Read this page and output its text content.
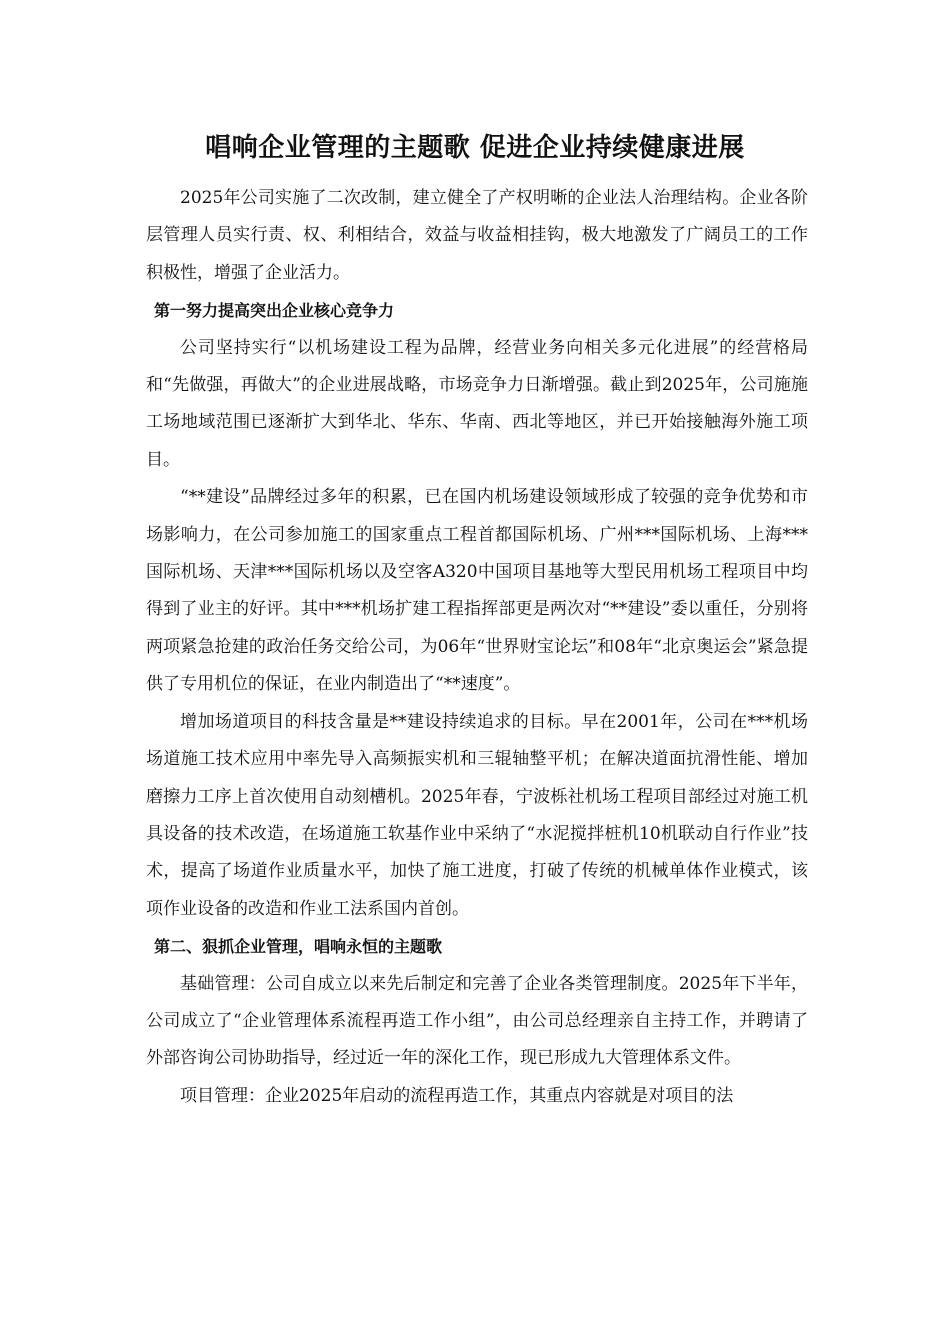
唱响企业管理的主题歌 促进企业持续健康进展

2025年公司实施了二次改制，建立健全了产权明晰的企业法人治理结构。企业各阶层管理人员实行责、权、利相结合，效益与收益相挂钩，极大地激发了广阔员工的工作积极性，增强了企业活力。

第一努力提高突出企业核心竞争力

公司坚持实行“以机场建设工程为品牌，经营业务向相关多元化进展”的经营格局和“先做强，再做大”的企业进展战略，市场竞争力日渐增强。截止到2025年，公司施施工场地域范围已逐渐扩大到华北、华东、华南、西北等地区，并已开始接触海外施工项目。

“**建设”品牌经过多年的积累，已在国内机场建设领域形成了较强的竞争优势和市场影响力，在公司参加施工的国家重点工程首都国际机场、广州***国际机场、上海***国际机场、天津***国际机场以及空客A320中国项目基地等大型民用机场工程项目中均得到了业主的好评。其中***机场扩建工程指挥部更是两次对“**建设”委以重任，分别将两项紧急抢建的政治任务交给公司，为06年“世界财宝论坛”和08年“北京奥运会”紧急提供了专用机位的保证，在业内制造出了“**速度”。

增加场道项目的科技含量是**建设持续追求的目标。早在2001年，公司在***机场场道施工技术应用中率先导入高频振实机和三辊轴整平机；在解决道面抗滑性能、增加磨擦力工序上首次使用自动刻槽机。2025年春，宁波栎社机场工程项目部经过对施工机具设备的技术改造，在场道施工软基作业中采纳了“水泥搅拌桩机10机联动自行作业”技术，提高了场道作业质量水平，加快了施工进度，打破了传统的机械单体作业模式，该项作业设备的改造和作业工法系国内首创。

第二、狠抓企业管理，唱响永恒的主题歌

基础管理：公司自成立以来先后制定和完善了企业各类管理制度。2025年下半年，公司成立了“企业管理体系流程再造工作小组”，由公司总经理亲自主持工作，并聘请了外部咨询公司协助指导，经过近一年的深化工作，现已形成九大管理体系文件。

项目管理：企业2025年启动的流程再造工作，其重点内容就是对项目的法
